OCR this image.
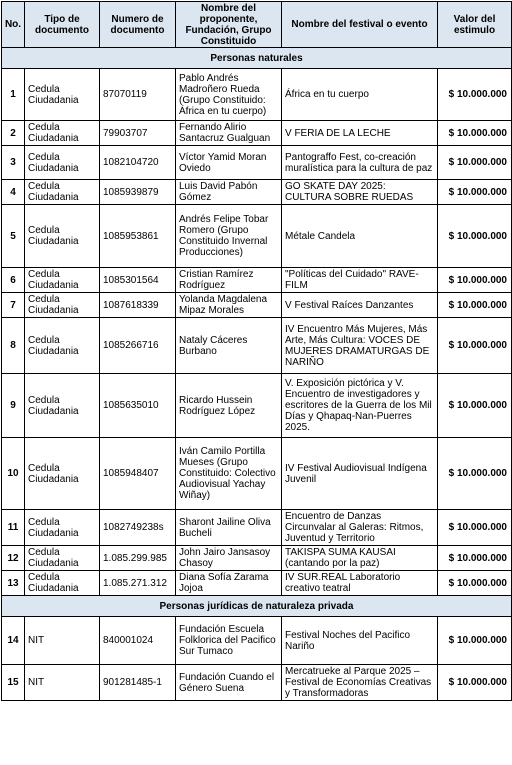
No.	Tipo de documento	Numero de documento	Nombre del proponente, Fundación, Grupo Constituido	Nombre del festival o evento	Valor del estimulo
Personas naturales					
1	Cedula Ciudadania	87070119	Pablo Andrés Madroñero Rueda (Grupo Constituido: África en tu cuerpo)	África en tu cuerpo	$ 10.000.000
2	Cedula Ciudadania	79903707	Fernando Alirio Santacruz Gualguan	V FERIA DE LA LECHE	$ 10.000.000
3	Cedula Ciudadania	1082104720	Víctor Yamid Moran Oviedo	Pantograffo Fest, co-creación muralística para la cultura de paz	$ 10.000.000
4	Cedula Ciudadania	1085939879	Luis David Pabón Gómez	GO SKATE DAY 2025: CULTURA SOBRE RUEDAS	$ 10.000.000
5	Cedula Ciudadania	1085953861	Andrés Felipe Tobar Romero (Grupo Constituido Invernal Producciones)	Métale Candela	$ 10.000.000
6	Cedula Ciudadania	1085301564	Cristian Ramírez Rodríguez	"Políticas del Cuidado" RAVE-FILM	$ 10.000.000
7	Cedula Ciudadania	1087618339	Yolanda Magdalena Mipaz Morales	V Festival Raíces Danzantes	$ 10.000.000
8	Cedula Ciudadania	1085266716	Nataly Cáceres Burbano	IV Encuentro Más Mujeres, Más Arte, Más Cultura: VOCES DE MUJERES DRAMATURGAS DE NARIÑO	$ 10.000.000
9	Cedula Ciudadania	1085635010	Ricardo Hussein Rodríguez López	V. Exposición pictórica y V. Encuentro de investigadores y escritores de la Guerra de los Mil Días y Qhapaq-Nan-Puerres 2025.	$ 10.000.000
10	Cedula Ciudadania	1085948407	Iván Camilo Portilla Mueses (Grupo Constituido: Colectivo Audiovisual Yachay Wiñay)	IV Festival Audiovisual Indígena Juvenil	$ 10.000.000
11	Cedula Ciudadania	1082749238s	Sharont Jailine Oliva Bucheli	Encuentro de Danzas Circunvalar al Galeras: Ritmos, Juventud y Territorio	$ 10.000.000
12	Cedula Ciudadania	1.085.299.985	John Jairo Jansasoy Chasoy	TAKISPA SUMA KAUSAI (cantando por la paz)	$ 10.000.000
13	Cedula Ciudadania	1.085.271.312	Diana Sofía Zarama Jojoa	IV SUR.REAL Laboratorio creativo teatral	$ 10.000.000
Personas jurídicas de naturaleza privada					
14	NIT	840001024	Fundación Escuela Folklorica del Pacifico Sur Tumaco	Festival Noches del Pacifico Nariño	$ 10.000.000
15	NIT	901281485-1	Fundación Cuando el Género Suena	Mercatrueke al Parque 2025 – Festival de Economías Creativas y Transformadoras	$ 10.000.000
